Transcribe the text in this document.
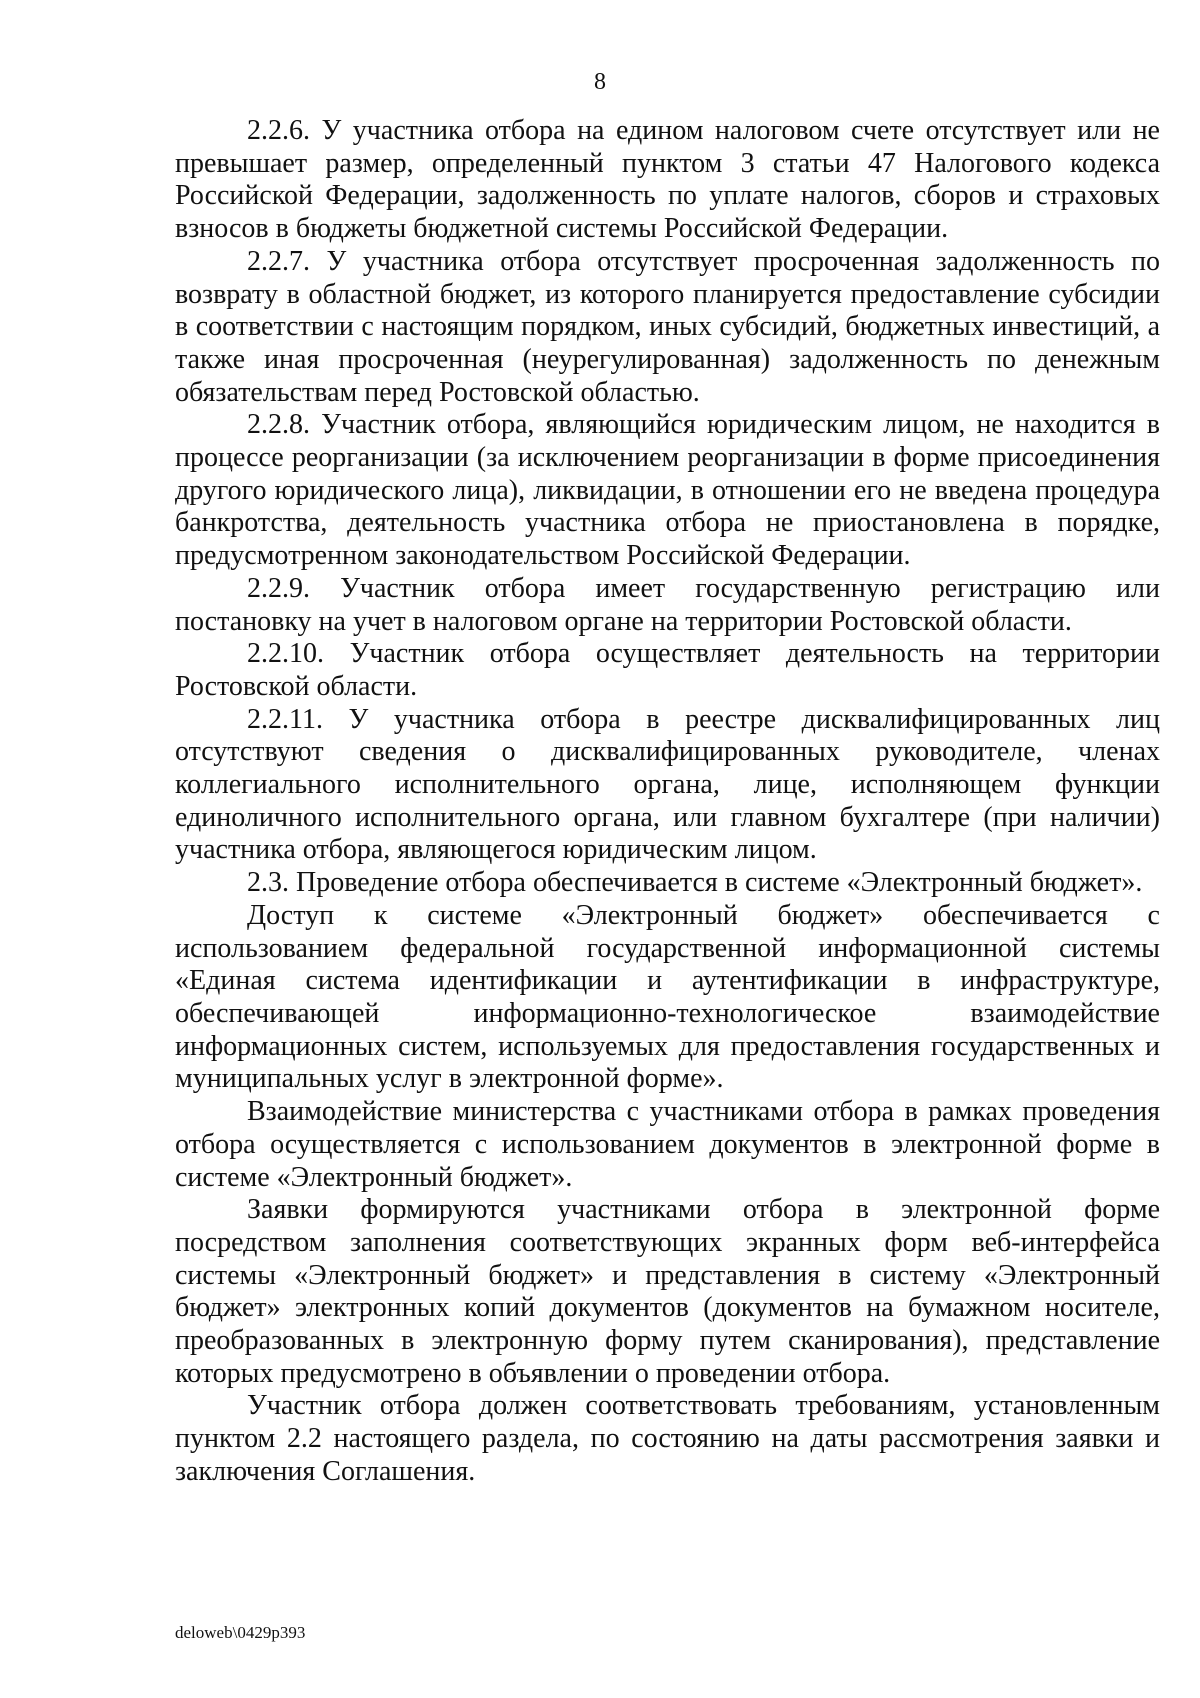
8

2.2.6. У участника отбора на едином налоговом счете отсутствует или не превышает размер, определенный пунктом 3 статьи 47 Налогового кодекса Российской Федерации, задолженность по уплате налогов, сборов и страховых взносов в бюджеты бюджетной системы Российской Федерации.

2.2.7. У участника отбора отсутствует просроченная задолженность по возврату в областной бюджет, из которого планируется предоставление субсидии в соответствии с настоящим порядком, иных субсидий, бюджетных инвестиций, а также иная просроченная (неурегулированная) задолженность по денежным обязательствам перед Ростовской областью.

2.2.8. Участник отбора, являющийся юридическим лицом, не находится в процессе реорганизации (за исключением реорганизации в форме присоединения другого юридического лица), ликвидации, в отношении его не введена процедура банкротства, деятельность участника отбора не приостановлена в порядке, предусмотренном законодательством Российской Федерации.

2.2.9. Участник отбора имеет государственную регистрацию или постановку на учет в налоговом органе на территории Ростовской области.

2.2.10. Участник отбора осуществляет деятельность на территории Ростовской области.

2.2.11. У участника отбора в реестре дисквалифицированных лиц отсутствуют сведения о дисквалифицированных руководителе, членах коллегиального исполнительного органа, лице, исполняющем функции единоличного исполнительного органа, или главном бухгалтере (при наличии) участника отбора, являющегося юридическим лицом.

2.3. Проведение отбора обеспечивается в системе «Электронный бюджет».

Доступ к системе «Электронный бюджет» обеспечивается с использованием федеральной государственной информационной системы «Единая система идентификации и аутентификации в инфраструктуре, обеспечивающей информационно-технологическое взаимодействие информационных систем, используемых для предоставления государственных и муниципальных услуг в электронной форме».

Взаимодействие министерства с участниками отбора в рамках проведения отбора осуществляется с использованием документов в электронной форме в системе «Электронный бюджет».

Заявки формируются участниками отбора в электронной форме посредством заполнения соответствующих экранных форм веб-интерфейса системы «Электронный бюджет» и представления в систему «Электронный бюджет» электронных копий документов (документов на бумажном носителе, преобразованных в электронную форму путем сканирования), представление которых предусмотрено в объявлении о проведении отбора.

Участник отбора должен соответствовать требованиям, установленным пунктом 2.2 настоящего раздела, по состоянию на даты рассмотрения заявки и заключения Соглашения.

deloweb\0429p393
